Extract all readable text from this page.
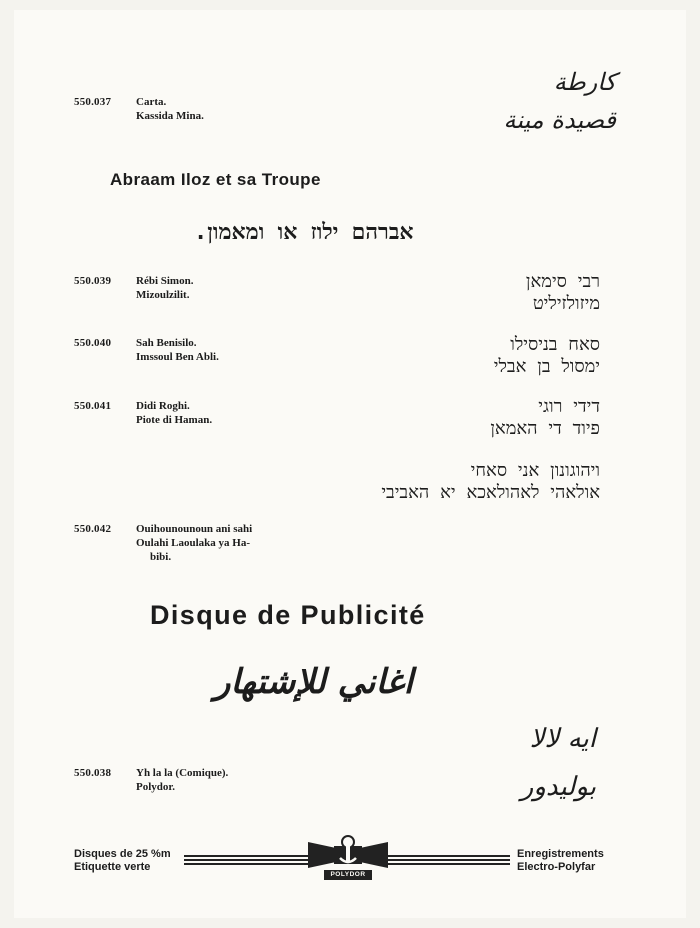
550.037 Carta.
Kassida Mina.
كارطة
قصيدة مينة
Abraam Iloz et sa Troupe
אברהם ילוז או ומאמון.
550.039 Rébi Simon.
Mizoulzilit.
רבי סימאן
מיזולזיליט
550.040 Sah Benisilo.
Imssoul Ben Abli.
סאח בניסילו
ימסול בן אבלי
550.041 Didi Roghi.
Piote di Haman.
דידי רוגי
פיוד די האמאן
ויהוגונון אני סאחי
אולאהי לאהולאכא יא האביבי
550.042 Ouihounounoun ani sahi
Oulahi Laoulaka ya Ha-
bibi.
Disque de Publicité
اغاني للإشتهار
ايه لالا
بوليدور
550.038 Yh la la (Comique).
Polydor.
Disques de 25 %m
Etiquette verte
POLYDOR
Enregistrements
Electro-Polyfar
